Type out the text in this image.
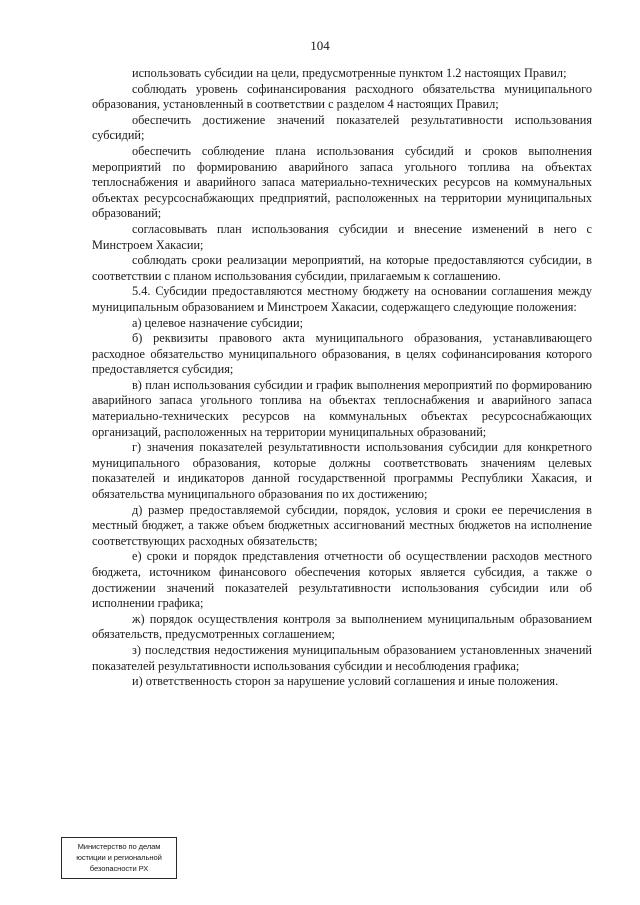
104

использовать субсидии на цели, предусмотренные пунктом 1.2 настоящих Правил;

соблюдать уровень софинансирования расходного обязательства муниципального образования, установленный в соответствии с разделом 4 настоящих Правил;

обеспечить достижение значений показателей результативности использования субсидий;

обеспечить соблюдение плана использования субсидий и сроков выполнения мероприятий по формированию аварийного запаса угольного топлива на объектах теплоснабжения и аварийного запаса материально-технических ресурсов на коммунальных объектах ресурсоснабжающих предприятий, расположенных на территории муниципальных образований;

согласовывать план использования субсидии и внесение изменений в него с Минстроем Хакасии;

соблюдать сроки реализации мероприятий, на которые предоставляются субсидии, в соответствии с планом использования субсидии, прилагаемым к соглашению.

5.4. Субсидии предоставляются местному бюджету на основании соглашения между муниципальным образованием и Минстроем Хакасии, содержащего следующие положения:

а) целевое назначение субсидии;

б) реквизиты правового акта муниципального образования, устанавливающего расходное обязательство муниципального образования, в целях софинансирования которого предоставляется субсидия;

в) план использования субсидии и график выполнения мероприятий по формированию аварийного запаса угольного топлива на объектах теплоснабжения и аварийного запаса материально-технических ресурсов на коммунальных объектах ресурсоснабжающих организаций, расположенных на территории муниципальных образований;

г) значения показателей результативности использования субсидии для конкретного муниципального образования, которые должны соответствовать значениям целевых показателей и индикаторов данной государственной программы Республики Хакасия, и обязательства муниципального образования по их достижению;

д) размер предоставляемой субсидии, порядок, условия и сроки ее перечисления в местный бюджет, а также объем бюджетных ассигнований местных бюджетов на исполнение соответствующих расходных обязательств;

е) сроки и порядок представления отчетности об осуществлении расходов местного бюджета, источником финансового обеспечения которых является субсидия, а также о достижении значений показателей результативности использования субсидии или об исполнении графика;

ж) порядок осуществления контроля за выполнением муниципальным образованием обязательств, предусмотренных соглашением;

з) последствия недостижения муниципальным образованием установленных значений показателей результативности использования субсидии и несоблюдения графика;

и) ответственность сторон за нарушение условий соглашения и иные положения.

Министерство по делам
юстиции и региональной
безопасности РХ
